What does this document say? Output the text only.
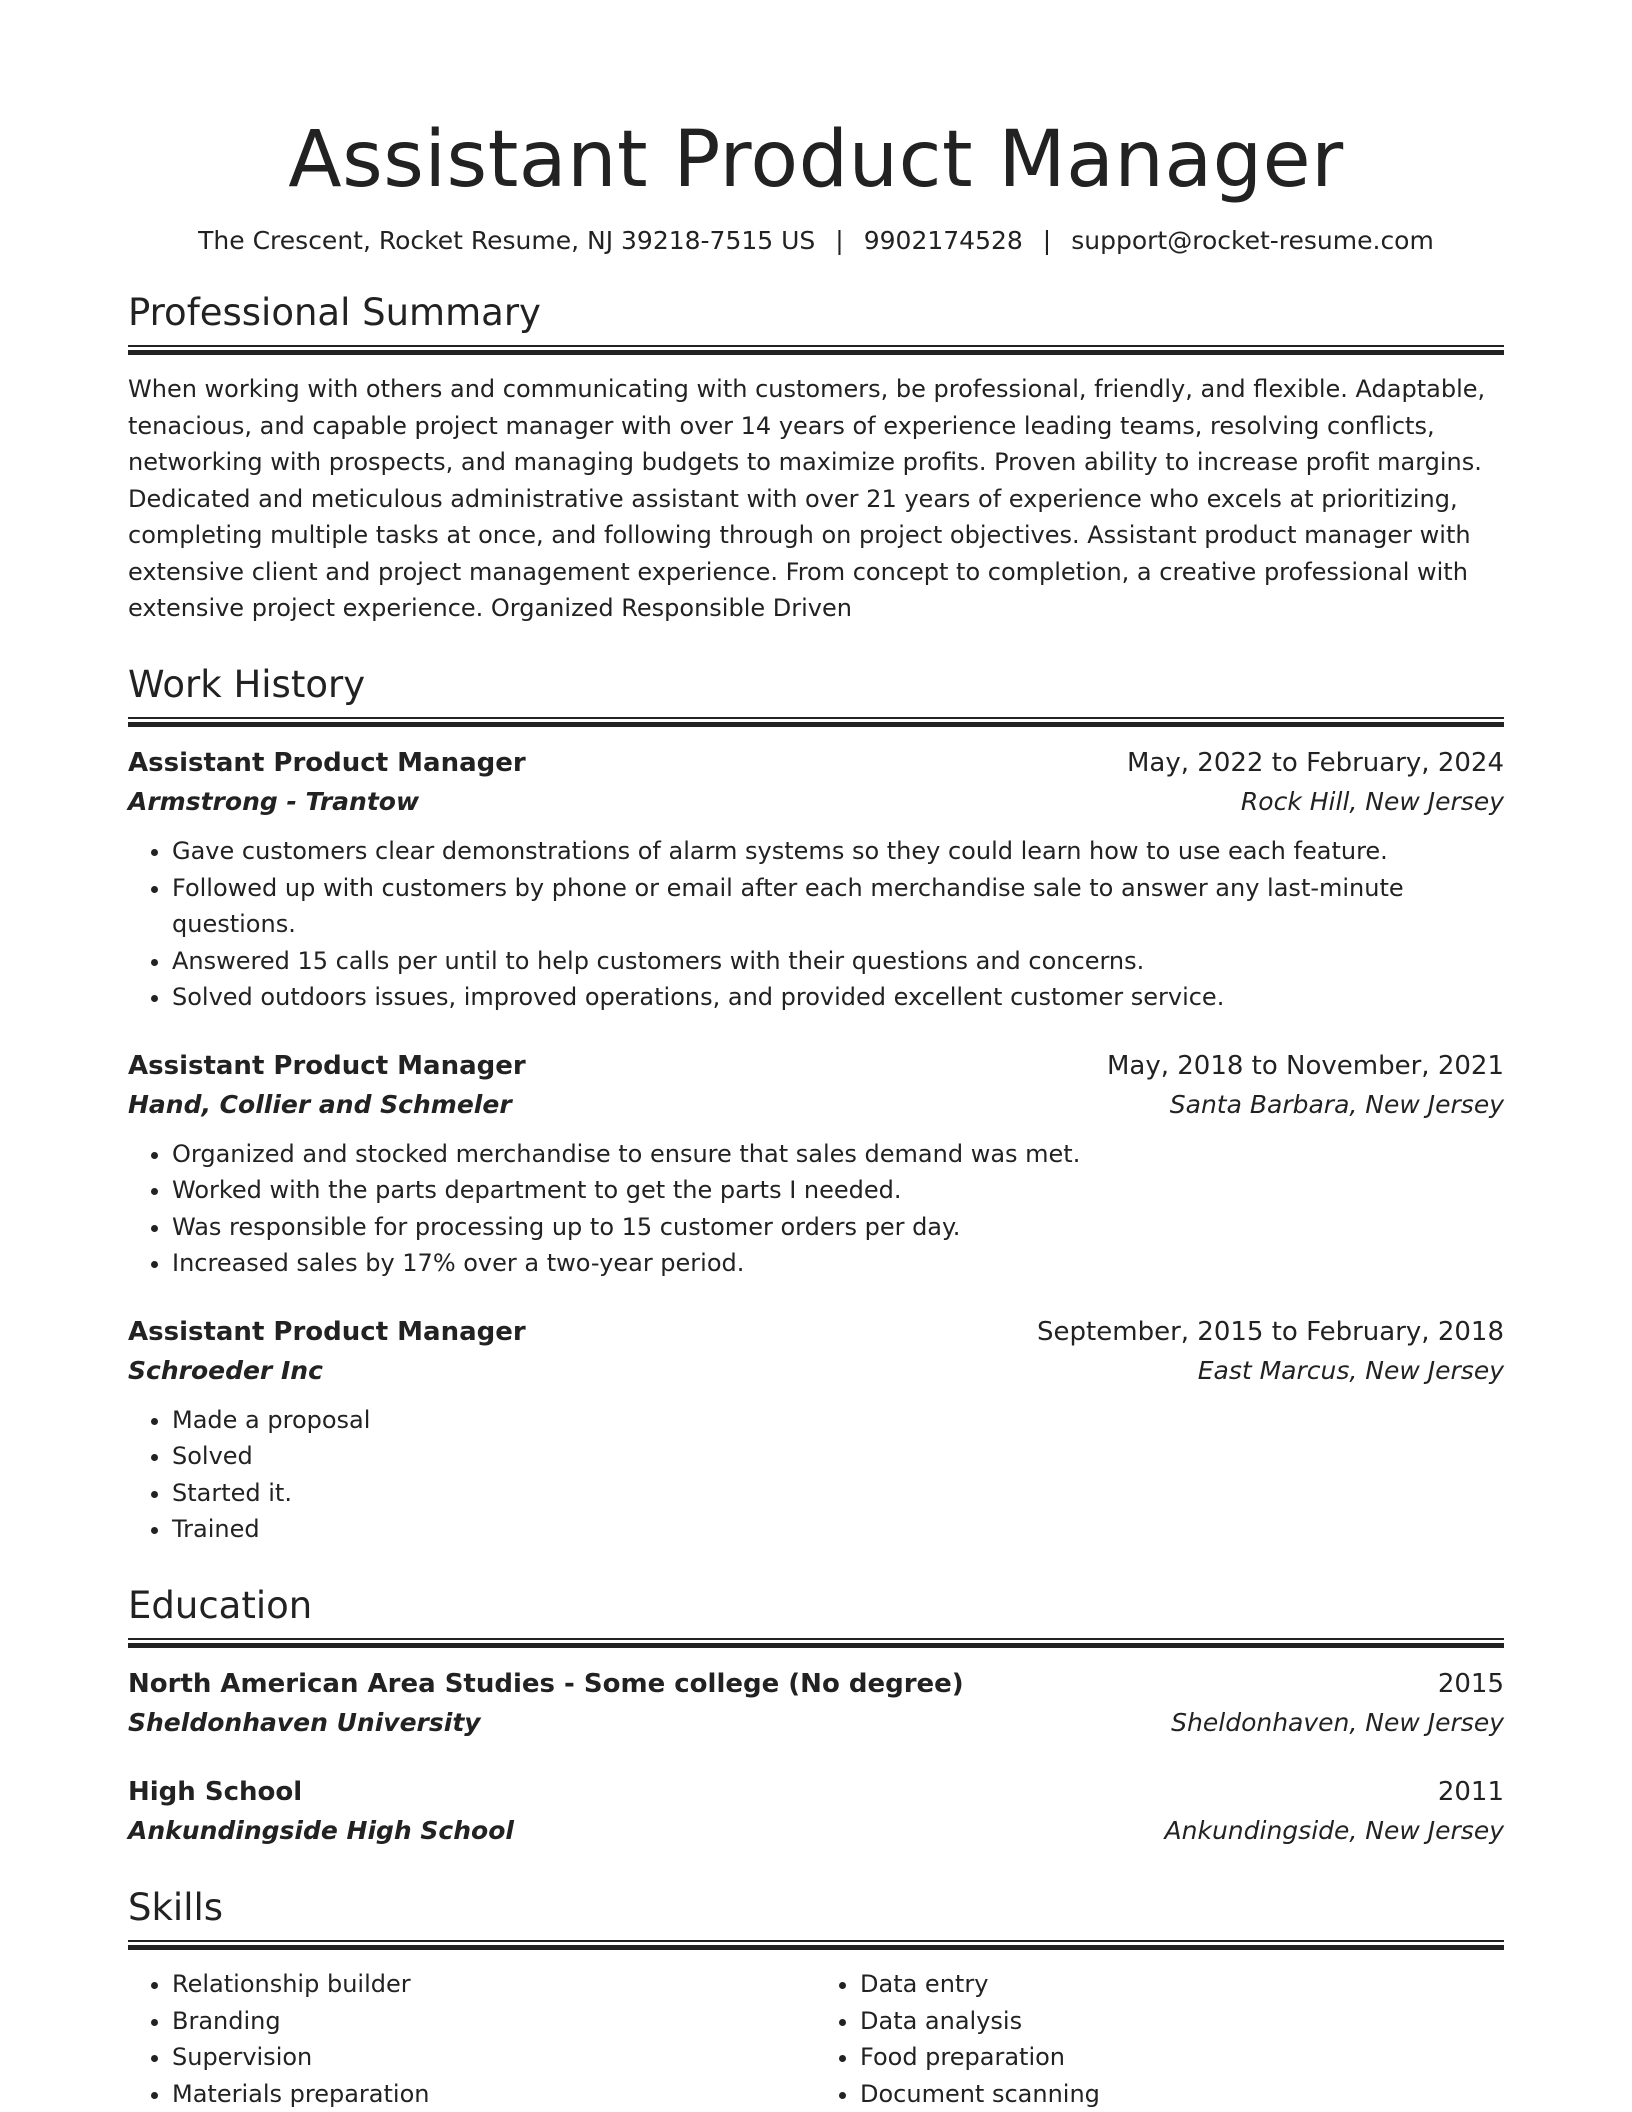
Assistant Product Manager
The Crescent, Rocket Resume, NJ 39218-7515 US | 9902174528 | support@rocket-resume.com
Professional Summary

When working with others and communicating with customers, be professional, friendly, and flexible. Adaptable, tenacious, and capable project manager with over 14 years of experience leading teams, resolving conflicts, networking with prospects, and managing budgets to maximize profits. Proven ability to increase profit margins. Dedicated and meticulous administrative assistant with over 21 years of experience who excels at prioritizing, completing multiple tasks at once, and following through on project objectives. Assistant product manager with extensive client and project management experience. From concept to completion, a creative professional with extensive project experience. Organized Responsible Driven

Work History
Assistant Product Manager	May, 2022 to February, 2024
Armstrong - Trantow	Rock Hill, New Jersey
• Gave customers clear demonstrations of alarm systems so they could learn how to use each feature.
• Followed up with customers by phone or email after each merchandise sale to answer any last-minute questions.
• Answered 15 calls per until to help customers with their questions and concerns.
• Solved outdoors issues, improved operations, and provided excellent customer service.
Assistant Product Manager	May, 2018 to November, 2021
Hand, Collier and Schmeler	Santa Barbara, New Jersey
• Organized and stocked merchandise to ensure that sales demand was met.
• Worked with the parts department to get the parts I needed.
• Was responsible for processing up to 15 customer orders per day.
• Increased sales by 17% over a two-year period.
Assistant Product Manager	September, 2015 to February, 2018
Schroeder Inc	East Marcus, New Jersey
• Made a proposal
• Solved
• Started it.
• Trained
Education
North American Area Studies - Some college (No degree)	2015
Sheldonhaven University	Sheldonhaven, New Jersey
High School	2011
Ankundingside High School	Ankundingside, New Jersey
Skills
• Relationship builder
• Branding
• Supervision
• Materials preparation
• Data entry
• Data analysis
• Food preparation
• Document scanning
